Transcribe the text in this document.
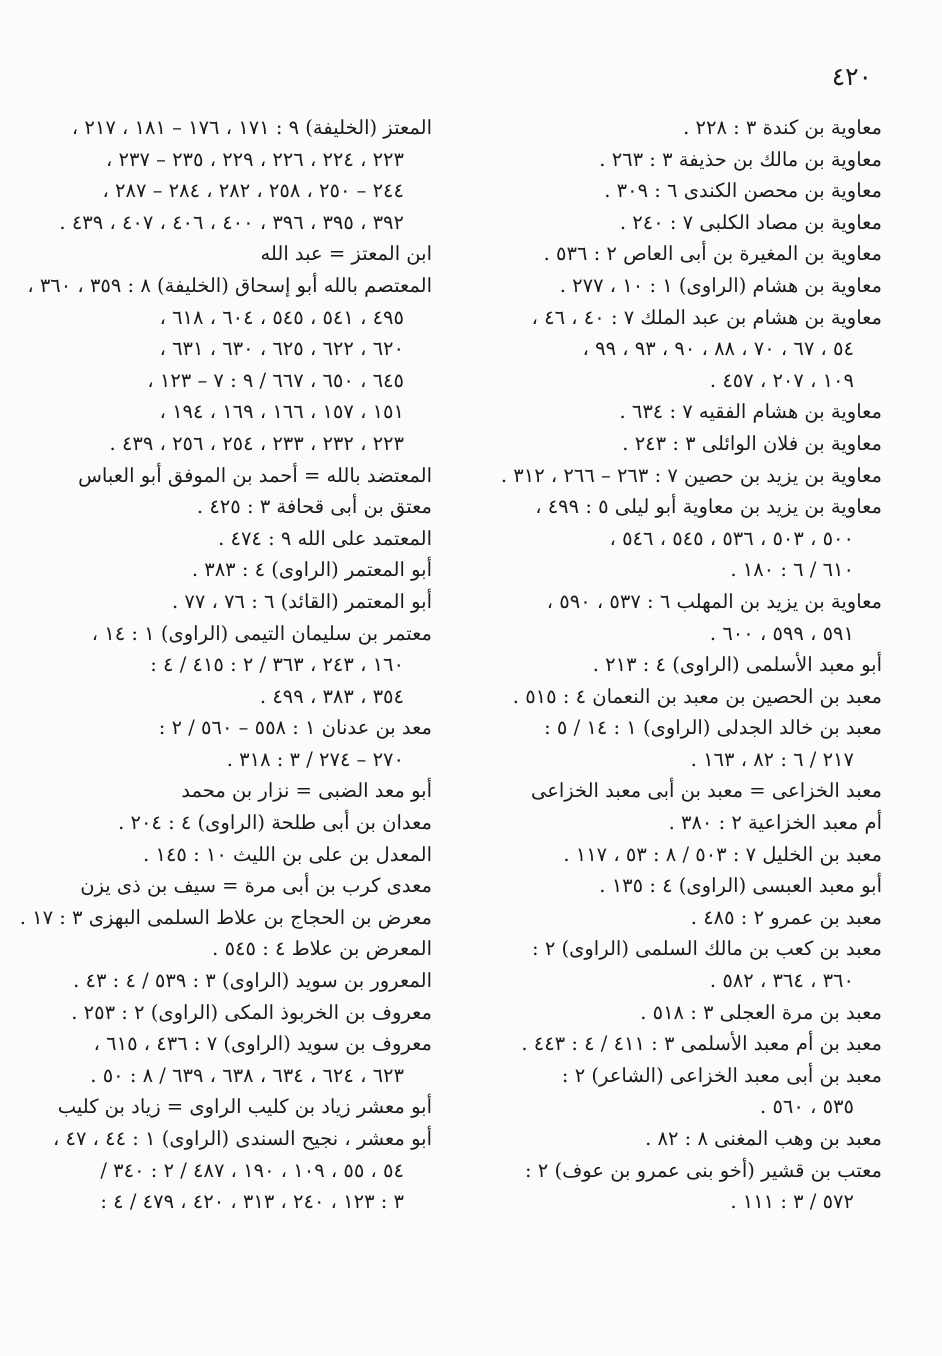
٤٢٠
معاوية بن كندة ٣ : ٢٢٨ .
معاوية بن مالك بن حذيفة ٣ : ٢٦٣ .
معاوية بن محصن الكندى ٦ : ٣٠٩ .
معاوية بن مصاد الكلبى ٧ : ٢٤٠ .
معاوية بن المغيرة بن أبى العاص ٢ : ٥٣٦ .
معاوية بن هشام (الراوى) ١ : ١٠ ، ٢٧٧ .
معاوية بن هشام بن عبد الملك ٧ : ٤٠ ، ٤٦ ،
٥٤ ، ٦٧ ، ٧٠ ، ٨٨ ، ٩٠ ، ٩٣ ، ٩٩ ،
١٠٩ ، ٢٠٧ ، ٤٥٧ .
معاوية بن هشام الفقيه ٧ : ٦٣٤ .
معاوية بن فلان الوائلى ٣ : ٢٤٣ .
معاوية بن يزيد بن حصين ٧ : ٢٦٣ – ٢٦٦ ، ٣١٢ .
معاوية بن يزيد بن معاوية أبو ليلى ٥ : ٤٩٩ ،
٥٠٠ ، ٥٠٣ ، ٥٣٦ ، ٥٤٥ ، ٥٤٦ ،
٦١٠ / ٦ : ١٨٠ .
معاوية بن يزيد بن المهلب ٦ : ٥٣٧ ، ٥٩٠ ،
٥٩١ ، ٥٩٩ ، ٦٠٠ .
أبو معبد الأسلمى (الراوى) ٤ : ٢١٣ .
معبد بن الحصين بن معبد بن النعمان ٤ : ٥١٥ .
معبد بن خالد الجدلى (الراوى) ١ : ١٤ / ٥ :
٢١٧ / ٦ : ٨٢ ، ١٦٣ .
معبد الخزاعى = معبد بن أبى معبد الخزاعى
أم معبد الخزاعية ٢ : ٣٨٠ .
معبد بن الخليل ٧ : ٥٠٣ / ٨ : ٥٣ ، ١١٧ .
أبو معبد العبسى (الراوى) ٤ : ١٣٥ .
معبد بن عمرو ٢ : ٤٨٥ .
معبد بن كعب بن مالك السلمى (الراوى) ٢ :
٣٦٠ ، ٣٦٤ ، ٥٨٢ .
معبد بن مرة العجلى ٣ : ٥١٨ .
معبد بن أم معبد الأسلمى ٣ : ٤١١ / ٤ : ٤٤٣ .
معبد بن أبى معبد الخزاعى (الشاعر) ٢ :
٥٣٥ ، ٥٦٠ .
معبد بن وهب المغنى ٨ : ٨٢ .
معتب بن قشير (أخو بنى عمرو بن عوف) ٢ :
٥٧٢ / ٣ : ١١١ .
المعتز (الخليفة) ٩ : ١٧١ ، ١٧٦ – ١٨١ ، ٢١٧ ،
٢٢٣ ، ٢٢٤ ، ٢٢٦ ، ٢٢٩ ، ٢٣٥ – ٢٣٧ ،
٢٤٤ – ٢٥٠ ، ٢٥٨ ، ٢٨٢ ، ٢٨٤ – ٢٨٧ ،
٣٩٢ ، ٣٩٥ ، ٣٩٦ ، ٤٠٠ ، ٤٠٦ ، ٤٠٧ ، ٤٣٩ .
ابن المعتز = عبد الله
المعتصم بالله أبو إسحاق (الخليفة) ٨ : ٣٥٩ ، ٣٦٠ ،
٤٩٥ ، ٥٤١ ، ٥٤٥ ، ٦٠٤ ، ٦١٨ ،
٦٢٠ ، ٦٢٢ ، ٦٢٥ ، ٦٣٠ ، ٦٣١ ،
٦٤٥ ، ٦٥٠ ، ٦٦٧ / ٩ : ٧ – ١٢٣ ،
١٥١ ، ١٥٧ ، ١٦٦ ، ١٦٩ ، ١٩٤ ،
٢٢٣ ، ٢٣٢ ، ٢٣٣ ، ٢٥٤ ، ٢٥٦ ، ٤٣٩ .
المعتضد بالله = أحمد بن الموفق أبو العباس
معتق بن أبى قحافة ٣ : ٤٢٥ .
المعتمد على الله ٩ : ٤٧٤ .
أبو المعتمر (الراوى) ٤ : ٣٨٣ .
أبو المعتمر (القائد) ٦ : ٧٦ ، ٧٧ .
معتمر بن سليمان التيمى (الراوى) ١ : ١٤ ،
١٦٠ ، ٢٤٣ ، ٣٦٣ / ٢ : ٤١٥ / ٤ :
٣٥٤ ، ٣٨٣ ، ٤٩٩ .
معد بن عدنان ١ : ٥٥٨ – ٥٦٠ / ٢ :
٢٧٠ – ٢٧٤ / ٣ : ٣١٨ .
أبو معد الضبى = نزار بن محمد
معدان بن أبى طلحة (الراوى) ٤ : ٢٠٤ .
المعدل بن على بن الليث ١٠ : ١٤٥ .
معدى كرب بن أبى مرة = سيف بن ذى يزن
معرض بن الحجاج بن علاط السلمى البهزى ٣ : ١٧ .
المعرض بن علاط ٤ : ٥٤٥ .
المعرور بن سويد (الراوى) ٣ : ٥٣٩ / ٤ : ٤٣ .
معروف بن الخربوذ المكى (الراوى) ٢ : ٢٥٣ .
معروف بن سويد (الراوى) ٧ : ٤٣٦ ، ٦١٥ ،
٦٢٣ ، ٦٢٤ ، ٦٣٤ ، ٦٣٨ ، ٦٣٩ / ٨ : ٥٠ .
أبو معشر زياد بن كليب الراوى = زياد بن كليب
أبو معشر ، نجيح السندى (الراوى) ١ : ٤٤ ، ٤٧ ،
٥٤ ، ٥٥ ، ١٠٩ ، ١٩٠ ، ٤٨٧ / ٢ : ٣٤٠ /
٣ : ١٢٣ ، ٢٤٠ ، ٣١٣ ، ٤٢٠ ، ٤٧٩ / ٤ :
